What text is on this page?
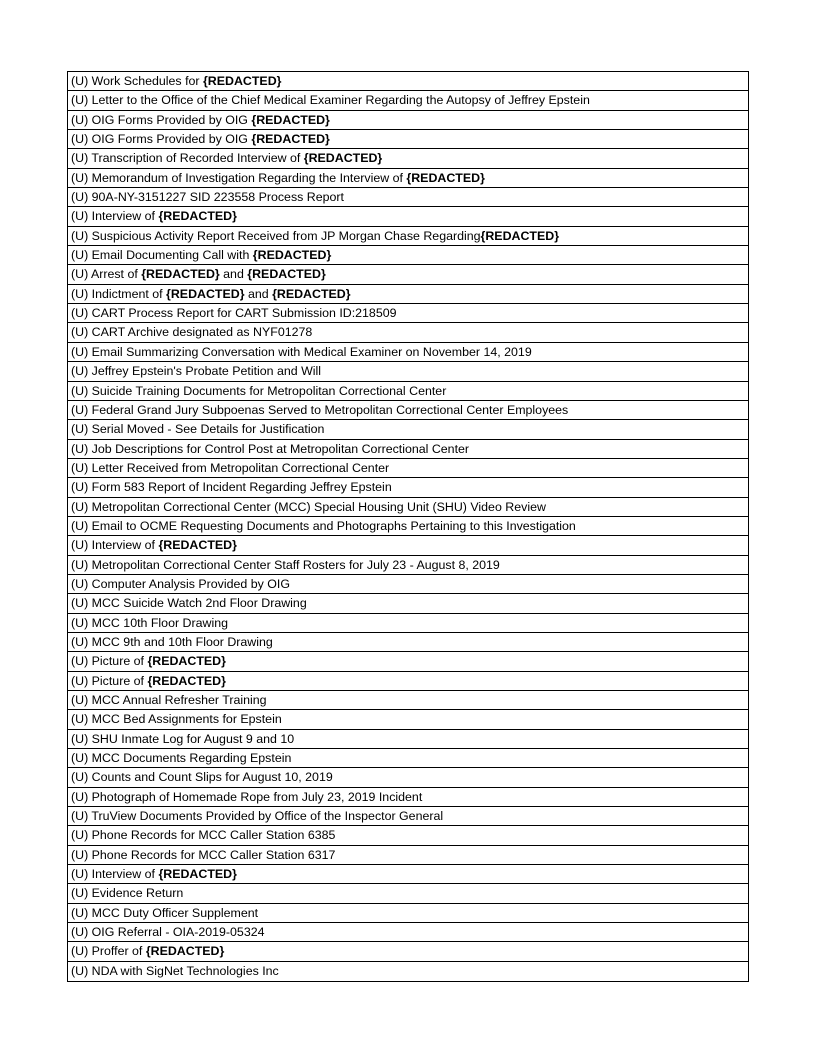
(U) Work Schedules for {REDACTED}
(U) Letter to the Office of the Chief Medical Examiner Regarding the Autopsy of Jeffrey Epstein
(U) OIG Forms Provided by OIG {REDACTED}
(U) OIG Forms Provided by OIG {REDACTED}
(U) Transcription of Recorded Interview of {REDACTED}
(U) Memorandum of Investigation Regarding the Interview of {REDACTED}
(U) 90A-NY-3151227 SID 223558 Process Report
(U) Interview of {REDACTED}
(U) Suspicious Activity Report Received from JP Morgan Chase Regarding{REDACTED}
(U) Email Documenting Call with {REDACTED}
(U) Arrest of {REDACTED} and {REDACTED}
(U) Indictment of {REDACTED} and {REDACTED}
(U) CART Process Report for CART Submission ID:218509
(U) CART Archive designated as NYF01278
(U) Email Summarizing Conversation with Medical Examiner on November 14, 2019
(U) Jeffrey Epstein's Probate Petition and Will
(U) Suicide Training Documents for Metropolitan Correctional Center
(U) Federal Grand Jury Subpoenas Served to Metropolitan Correctional Center Employees
(U) Serial Moved - See Details for Justification
(U) Job Descriptions for Control Post at Metropolitan Correctional Center
(U) Letter Received from Metropolitan Correctional Center
(U) Form 583 Report of Incident Regarding Jeffrey Epstein
(U) Metropolitan Correctional Center (MCC) Special Housing Unit (SHU) Video Review
(U) Email to OCME Requesting Documents and Photographs Pertaining to this Investigation
(U) Interview of {REDACTED}
(U) Metropolitan Correctional Center Staff Rosters for July 23 - August 8, 2019
(U) Computer Analysis Provided by OIG
(U) MCC Suicide Watch 2nd Floor Drawing
(U) MCC 10th Floor Drawing
(U) MCC 9th and 10th Floor Drawing
(U) Picture of {REDACTED}
(U) Picture of {REDACTED}
(U) MCC Annual Refresher Training
(U) MCC Bed Assignments for Epstein
(U) SHU Inmate Log for August 9 and 10
(U) MCC Documents Regarding Epstein
(U) Counts and Count Slips for August 10, 2019
(U) Photograph of Homemade Rope from July 23, 2019 Incident
(U) TruView Documents Provided by Office of the Inspector General
(U) Phone Records for MCC Caller Station 6385
(U) Phone Records for MCC Caller Station 6317
(U) Interview of {REDACTED}
(U) Evidence Return
(U) MCC Duty Officer Supplement
(U) OIG Referral - OIA-2019-05324
(U) Proffer of {REDACTED}
(U) NDA with SigNet Technologies Inc
